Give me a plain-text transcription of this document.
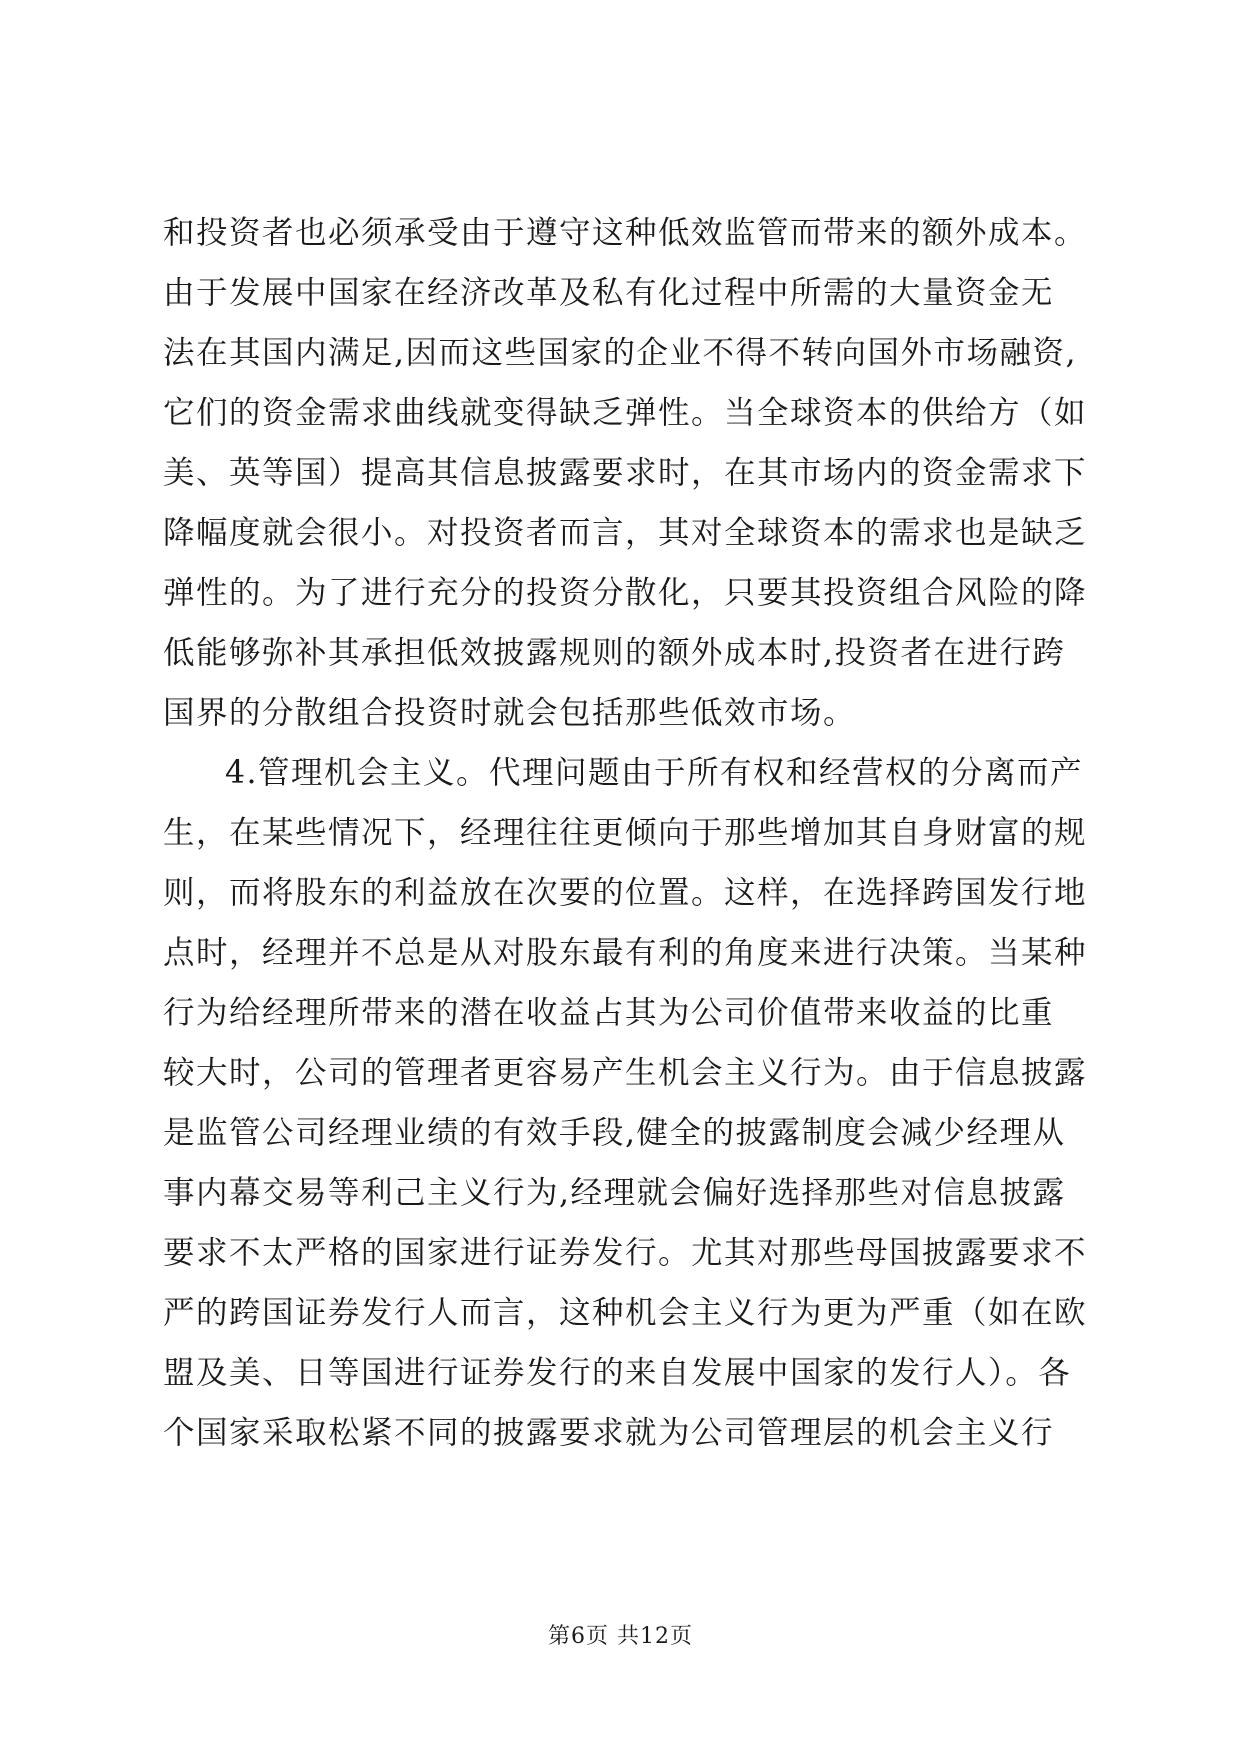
和投资者也必须承受由于遵守这种低效监管而带来的额外成本。
由于发展中国家在经济改革及私有化过程中所需的大量资金无
法在其国内满足,因而这些国家的企业不得不转向国外市场融资,
它们的资金需求曲线就变得缺乏弹性。当全球资本的供给方（如
美、英等国）提高其信息披露要求时，在其市场内的资金需求下
降幅度就会很小。对投资者而言，其对全球资本的需求也是缺乏
弹性的。为了进行充分的投资分散化，只要其投资组合风险的降
低能够弥补其承担低效披露规则的额外成本时,投资者在进行跨
国界的分散组合投资时就会包括那些低效市场。
4.管理机会主义。代理问题由于所有权和经营权的分离而产
生，在某些情况下，经理往往更倾向于那些增加其自身财富的规
则，而将股东的利益放在次要的位置。这样，在选择跨国发行地
点时，经理并不总是从对股东最有利的角度来进行决策。当某种
行为给经理所带来的潜在收益占其为公司价值带来收益的比重
较大时，公司的管理者更容易产生机会主义行为。由于信息披露
是监管公司经理业绩的有效手段,健全的披露制度会减少经理从
事内幕交易等利己主义行为,经理就会偏好选择那些对信息披露
要求不太严格的国家进行证券发行。尤其对那些母国披露要求不
严的跨国证券发行人而言，这种机会主义行为更为严重（如在欧
盟及美、日等国进行证券发行的来自发展中国家的发行人）。各
个国家采取松紧不同的披露要求就为公司管理层的机会主义行
第6页 共12页
